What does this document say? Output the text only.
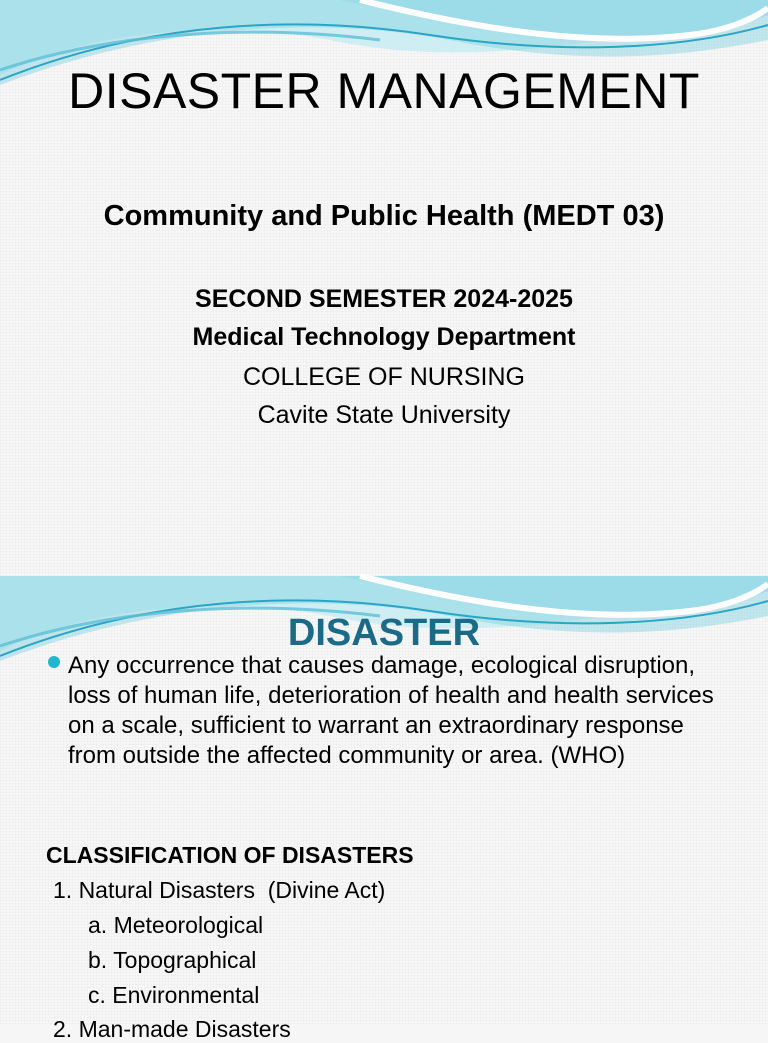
DISASTER MANAGEMENT
Community and Public Health (MEDT 03)
SECOND SEMESTER 2024-2025
Medical Technology Department
COLLEGE OF NURSING
Cavite State University
DISASTER
Any occurrence that causes damage, ecological disruption, loss of human life, deterioration of health and health services on a scale, sufficient to warrant an extraordinary response from outside the affected community or area. (WHO)
CLASSIFICATION OF DISASTERS
1. Natural Disasters  (Divine Act)
a. Meteorological
b. Topographical
c. Environmental
2. Man-made Disasters
